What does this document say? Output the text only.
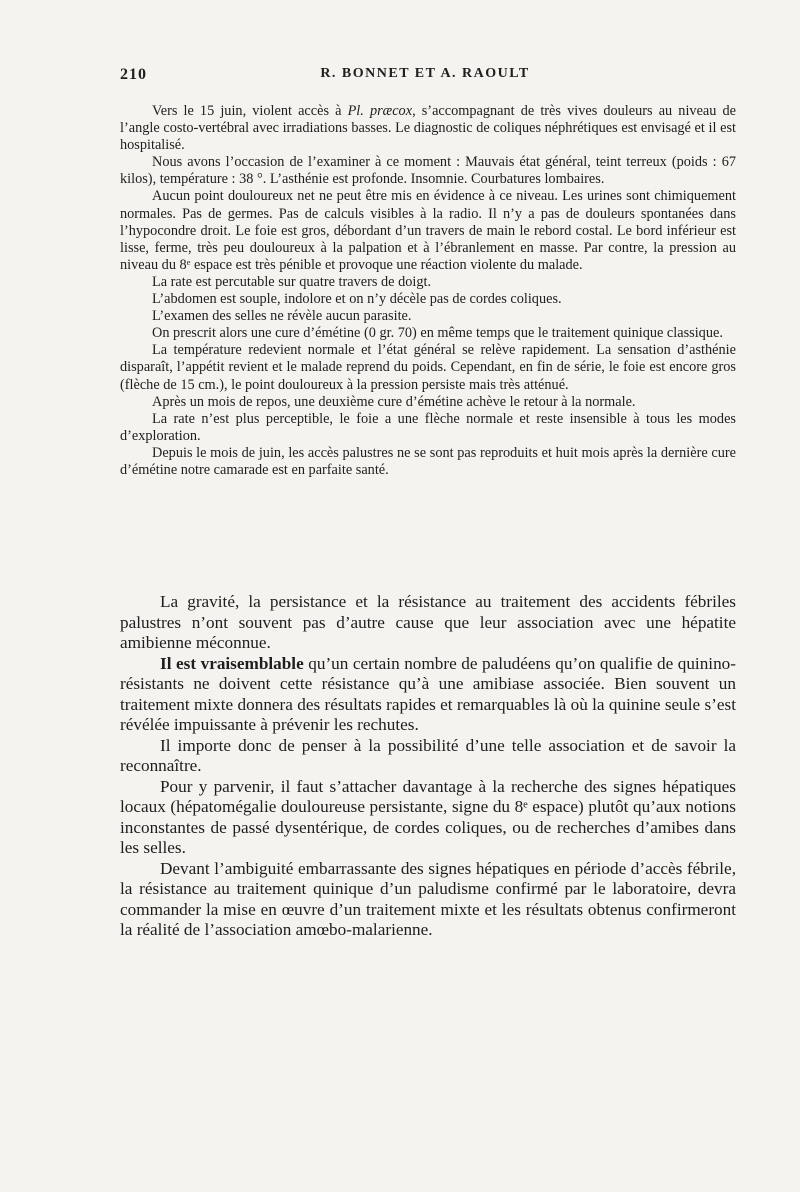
210	R. BONNET ET A. RAOULT

Vers le 15 juin, violent accès à Pl. præcox, s’accompagnant de très vives douleurs au niveau de l’angle costo-vertébral avec irradiations basses. Le diagnostic de coliques néphrétiques est envisagé et il est hospitalisé.

Nous avons l’occasion de l’examiner à ce moment : Mauvais état général, teint terreux (poids : 67 kilos), température : 38 °. L’asthénie est profonde. Insomnie. Courbatures lombaires.

Aucun point douloureux net ne peut être mis en évidence à ce niveau. Les urines sont chimiquement normales. Pas de germes. Pas de calculs visibles à la radio. Il n’y a pas de douleurs spontanées dans l’hypocondre droit. Le foie est gros, débordant d’un travers de main le rebord costal. Le bord inférieur est lisse, ferme, très peu douloureux à la palpation et à l’ébranlement en masse. Par contre, la pression au niveau du 8ᵉ espace est très pénible et provoque une réaction violente du malade.

La rate est percutable sur quatre travers de doigt.

L’abdomen est souple, indolore et on n’y décèle pas de cordes coliques.

L’examen des selles ne révèle aucun parasite.

On prescrit alors une cure d’émétine (0 gr. 70) en même temps que le traitement quinique classique.

La température redevient normale et l’état général se relève rapidement. La sensation d’asthénie disparaît, l’appétit revient et le malade reprend du poids. Cependant, en fin de série, le foie est encore gros (flèche de 15 cm.), le point douloureux à la pression persiste mais très atténué.

Après un mois de repos, une deuxième cure d’émétine achève le retour à la normale.

La rate n’est plus perceptible, le foie a une flèche normale et reste insensible à tous les modes d’exploration.

Depuis le mois de juin, les accès palustres ne se sont pas reproduits et huit mois après la dernière cure d’émétine notre camarade est en parfaite santé.

La gravité, la persistance et la résistance au traitement des accidents fébriles palustres n’ont souvent pas d’autre cause que leur association avec une hépatite amibienne méconnue.

Il est vraisemblable qu’un certain nombre de paludéens qu’on qualifie de quinino-résistants ne doivent cette résistance qu’à une amibiase associée. Bien souvent un traitement mixte donnera des résultats rapides et remarquables là où la quinine seule s’est révélée impuissante à prévenir les rechutes.

Il importe donc de penser à la possibilité d’une telle association et de savoir la reconnaître.

Pour y parvenir, il faut s’attacher davantage à la recherche des signes hépatiques locaux (hépatomégalie douloureuse persistante, signe du 8ᵉ espace) plutôt qu’aux notions inconstantes de passé dysentérique, de cordes coliques, ou de recherches d’amibes dans les selles.

Devant l’ambiguité embarrassante des signes hépatiques en période d’accès fébrile, la résistance au traitement quinique d’un paludisme confirmé par le laboratoire, devra commander la mise en œuvre d’un traitement mixte et les résultats obtenus confirmeront la réalité de l’association amœbo-malarienne.
